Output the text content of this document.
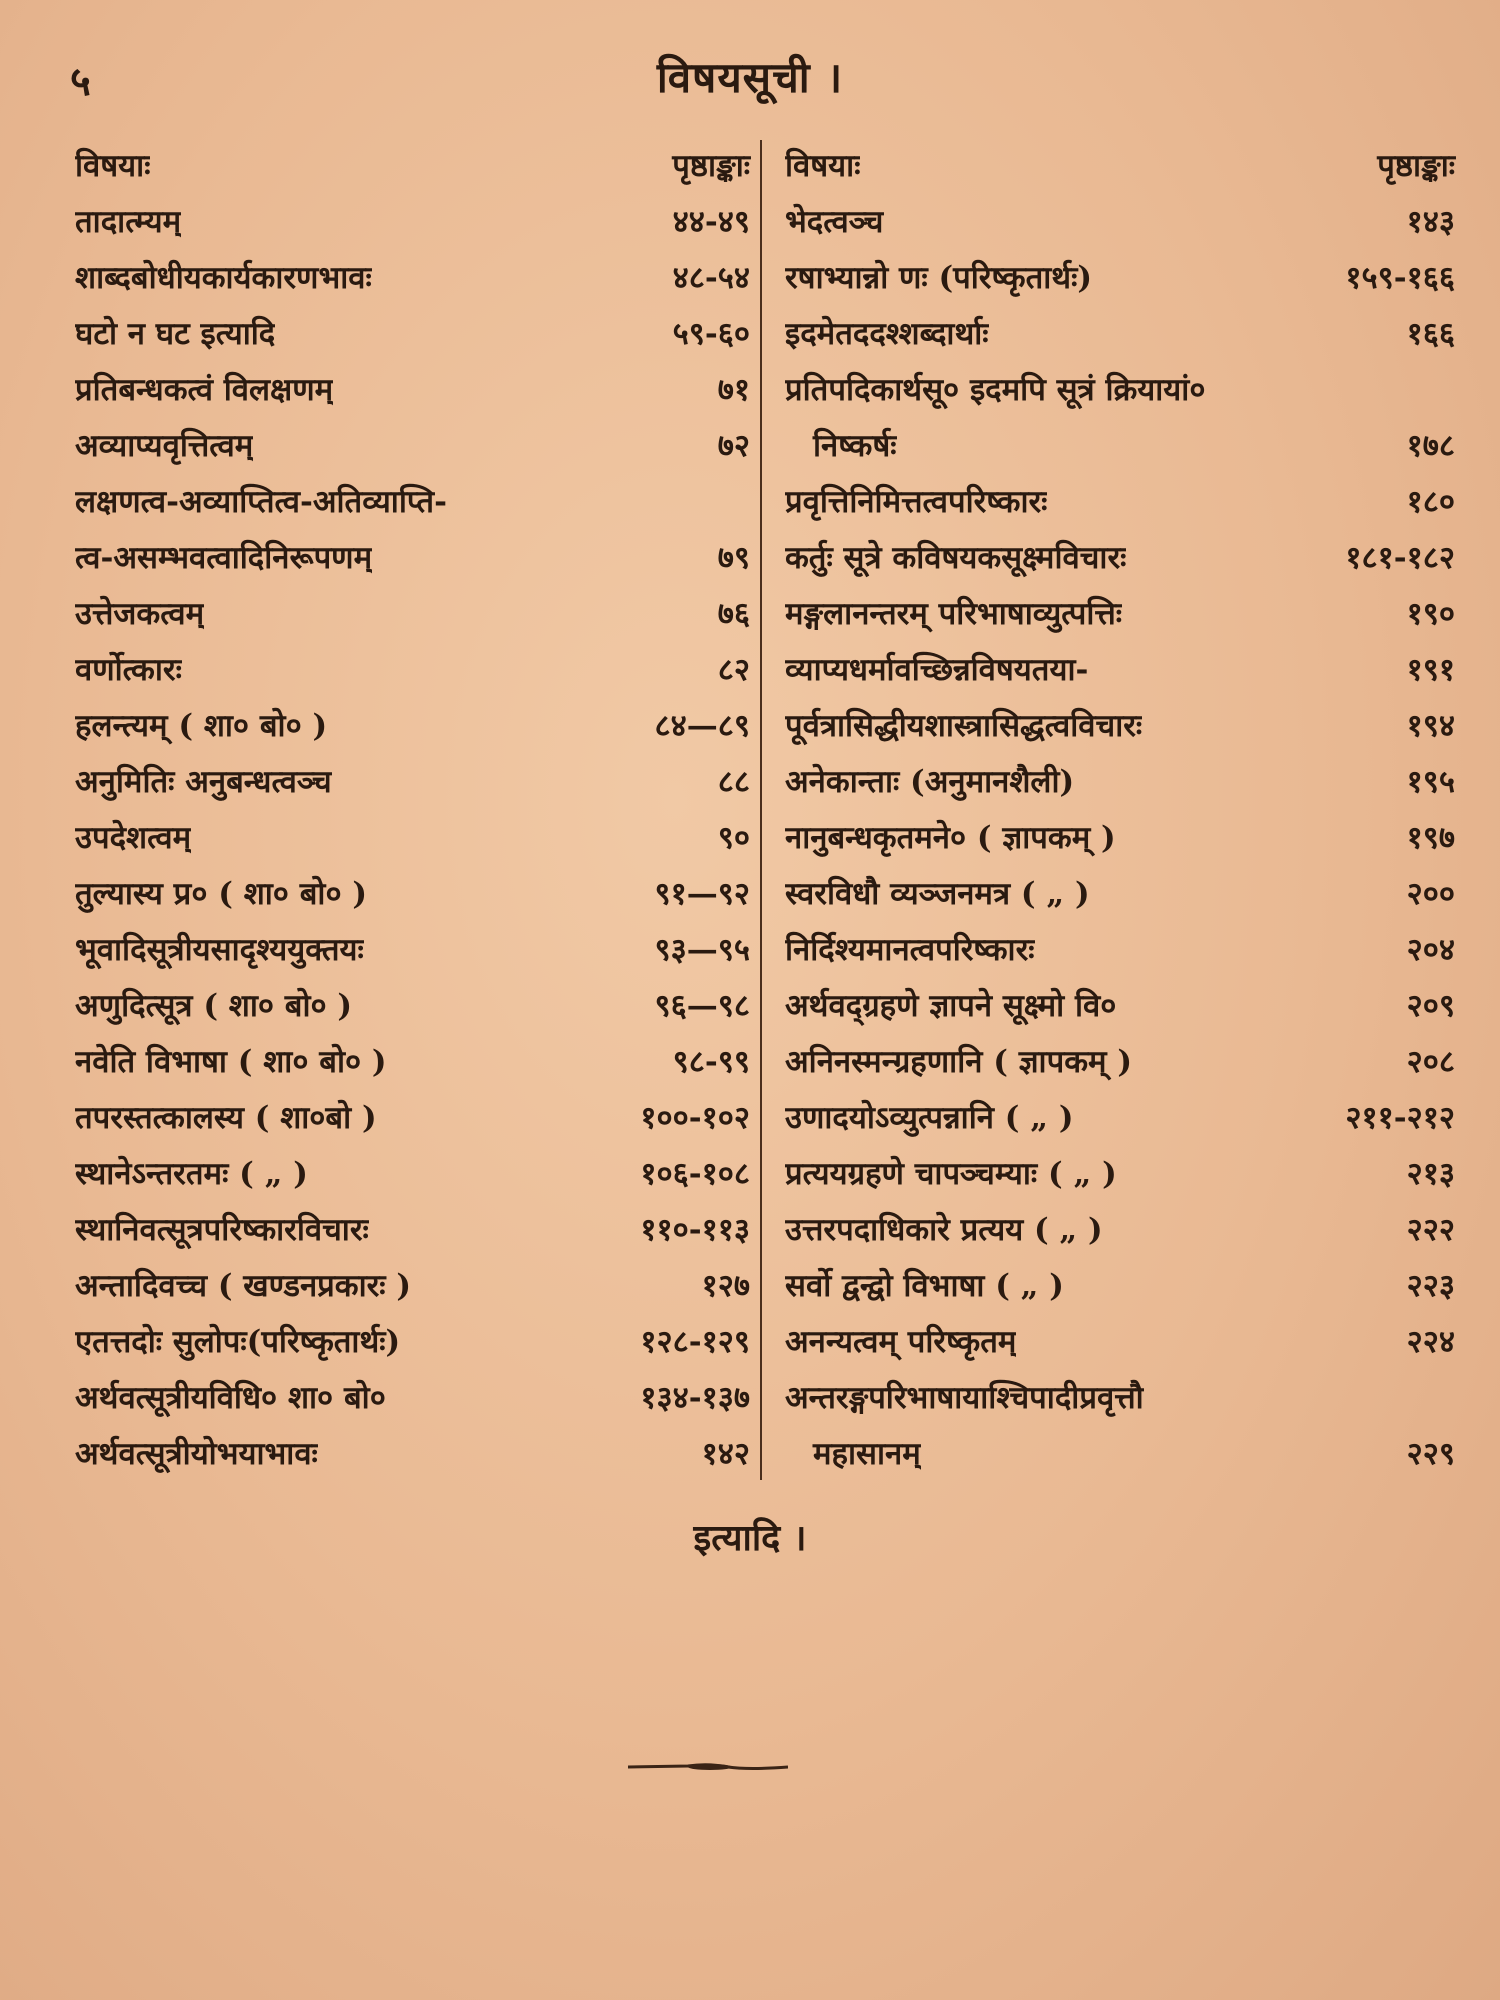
५	विषयसूची ।
विषयाः	पृष्ठाङ्काः
तादात्म्यम्	४४-४९
शाब्दबोधीयकार्यकारणभावः	४८-५४
घटो न घट इत्यादि	५९-६०
प्रतिबन्धकत्वं विलक्षणम्	७१
अव्याप्यवृत्तित्वम्	७२
लक्षणत्व-अव्याप्तित्व-अतिव्याप्ति-
त्व-असम्भवत्वादिनिरूपणम्	७९
उत्तेजकत्वम्	७६
वर्णोत्कारः	८२
हलन्त्यम् ( शा० बो० )	८४—८९
अनुमितिः अनुबन्धत्वञ्च	८८
उपदेशत्वम्	९०
तुल्यास्य प्र० ( शा० बो० )	९१—९२
भूवादिसूत्रीयसादृश्ययुक्तयः	९३—९५
अणुदित्सूत्र ( शा० बो० )	९६—९८
नवेति विभाषा ( शा० बो० )	९८-९९
तपरस्तत्कालस्य ( शा०बो )	१००-१०२
स्थानेऽन्तरतमः ( „ )	१०६-१०८
स्थानिवत्सूत्रपरिष्कारविचारः	११०-११३
अन्तादिवच्च ( खण्डनप्रकारः )	१२७
एतत्तदोः सुलोपः(परिष्कृतार्थः)	१२८-१२९
अर्थवत्सूत्रीयविधि० शा० बो०	१३४-१३७
अर्थवत्सूत्रीयोभयाभावः	१४२
विषयाः	पृष्ठाङ्काः
भेदत्वञ्च	१४३
रषाभ्यान्नो णः (परिष्कृतार्थः)	१५९-१६६
इदमेतददश्शब्दार्थाः	१६६
प्रतिपदिकार्थसू० इदमपि सूत्रं क्रियायां०
निष्कर्षः	१७८
प्रवृत्तिनिमित्तत्वपरिष्कारः	१८०
कर्तुः सूत्रे कविषयकसूक्ष्मविचारः	१८१-१८२
मङ्गलानन्तरम् परिभाषाव्युत्पत्तिः	१९०
व्याप्यधर्मावच्छिन्नविषयतया-	१९१
पूर्वत्रासिद्धीयशास्त्रासिद्धत्वविचारः	१९४
अनेकान्ताः (अनुमानशैली)	१९५
नानुबन्धकृतमने० ( ज्ञापकम् )	१९७
स्वरविधौ व्यञ्जनमत्र ( „ )	२००
निर्दिश्यमानत्वपरिष्कारः	२०४
अर्थवद्ग्रहणे ज्ञापने सूक्ष्मो वि०	२०९
अनिनस्मन्ग्रहणानि ( ज्ञापकम् )	२०८
उणादयोऽव्युत्पन्नानि ( „ )	२११-२१२
प्रत्ययग्रहणे चापञ्चम्याः ( „ )	२१३
उत्तरपदाधिकारे प्रत्यय ( „ )	२२२
सर्वो द्वन्द्वो विभाषा ( „ )	२२३
अनन्यत्वम् परिष्कृतम्	२२४
अन्तरङ्गपरिभाषायाश्चिपादीप्रवृत्तौ
महासानम्	२२९
इत्यादि ।
